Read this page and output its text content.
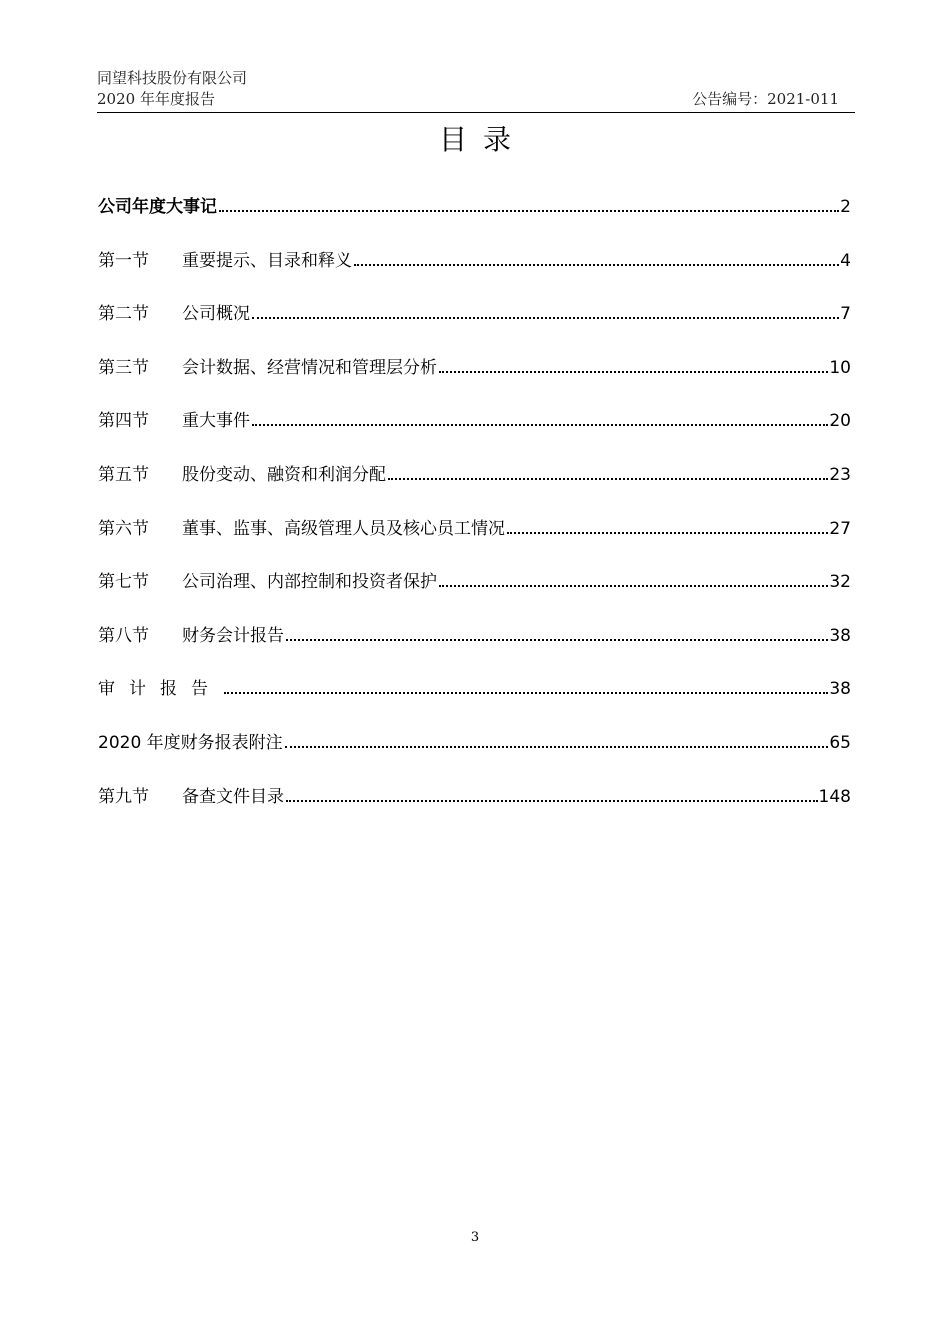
同望科技股份有限公司
2020 年年度报告	公告编号：2021-011
目录
公司年度大事记	2
第一节	重要提示、目录和释义	4
第二节	公司概况	7
第三节	会计数据、经营情况和管理层分析	10
第四节	重大事件	20
第五节	股份变动、融资和利润分配	23
第六节	董事、监事、高级管理人员及核心员工情况	27
第七节	公司治理、内部控制和投资者保护	32
第八节	财务会计报告	38
审计报告	38
2020 年度财务报表附注	65
第九节	备查文件目录	148
3
